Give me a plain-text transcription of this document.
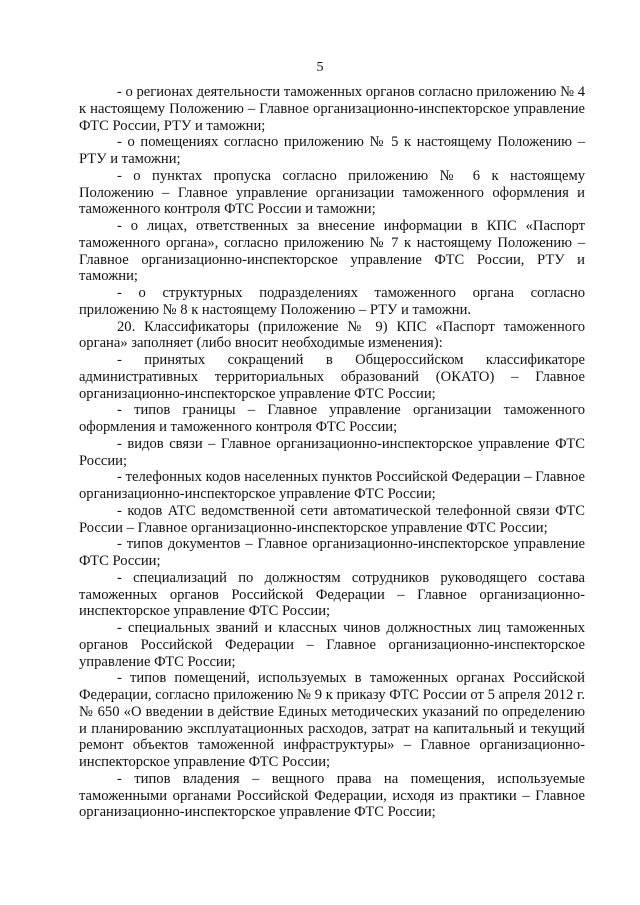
5

- о регионах деятельности таможенных органов согласно приложению № 4 к настоящему Положению – Главное организационно-инспекторское управление ФТС России, РТУ и таможни;

- о помещениях согласно приложению № 5 к настоящему Положению – РТУ и таможни;

- о пунктах пропуска согласно приложению № 6 к настоящему Положению – Главное управление организации таможенного оформления и таможенного контроля ФТС России и таможни;

- о лицах, ответственных за внесение информации в КПС «Паспорт таможенного органа», согласно приложению № 7 к настоящему Положению – Главное организационно-инспекторское управление ФТС России, РТУ и таможни;

- о структурных подразделениях таможенного органа согласно приложению № 8 к настоящему Положению – РТУ и таможни.

20. Классификаторы (приложение № 9) КПС «Паспорт таможенного органа» заполняет (либо вносит необходимые изменения):

- принятых сокращений в Общероссийском классификаторе административных территориальных образований (ОКАТО) – Главное организационно-инспекторское управление ФТС России;

- типов границы – Главное управление организации таможенного оформления и таможенного контроля ФТС России;

- видов связи – Главное организационно-инспекторское управление ФТС России;

- телефонных кодов населенных пунктов Российской Федерации – Главное организационно-инспекторское управление ФТС России;

- кодов АТС ведомственной сети автоматической телефонной связи ФТС России – Главное организационно-инспекторское управление ФТС России;

- типов документов – Главное организационно-инспекторское управление ФТС России;

- специализаций по должностям сотрудников руководящего состава таможенных органов Российской Федерации – Главное организационно-инспекторское управление ФТС России;

- специальных званий и классных чинов должностных лиц таможенных органов Российской Федерации – Главное организационно-инспекторское управление ФТС России;

- типов помещений, используемых в таможенных органах Российской Федерации, согласно приложению № 9 к приказу ФТС России от 5 апреля 2012 г. № 650 «О введении в действие Единых методических указаний по определению и планированию эксплуатационных расходов, затрат на капитальный и текущий ремонт объектов таможенной инфраструктуры» – Главное организационно-инспекторское управление ФТС России;

- типов владения – вещного права на помещения, используемые таможенными органами Российской Федерации, исходя из практики – Главное организационно-инспекторское управление ФТС России;
